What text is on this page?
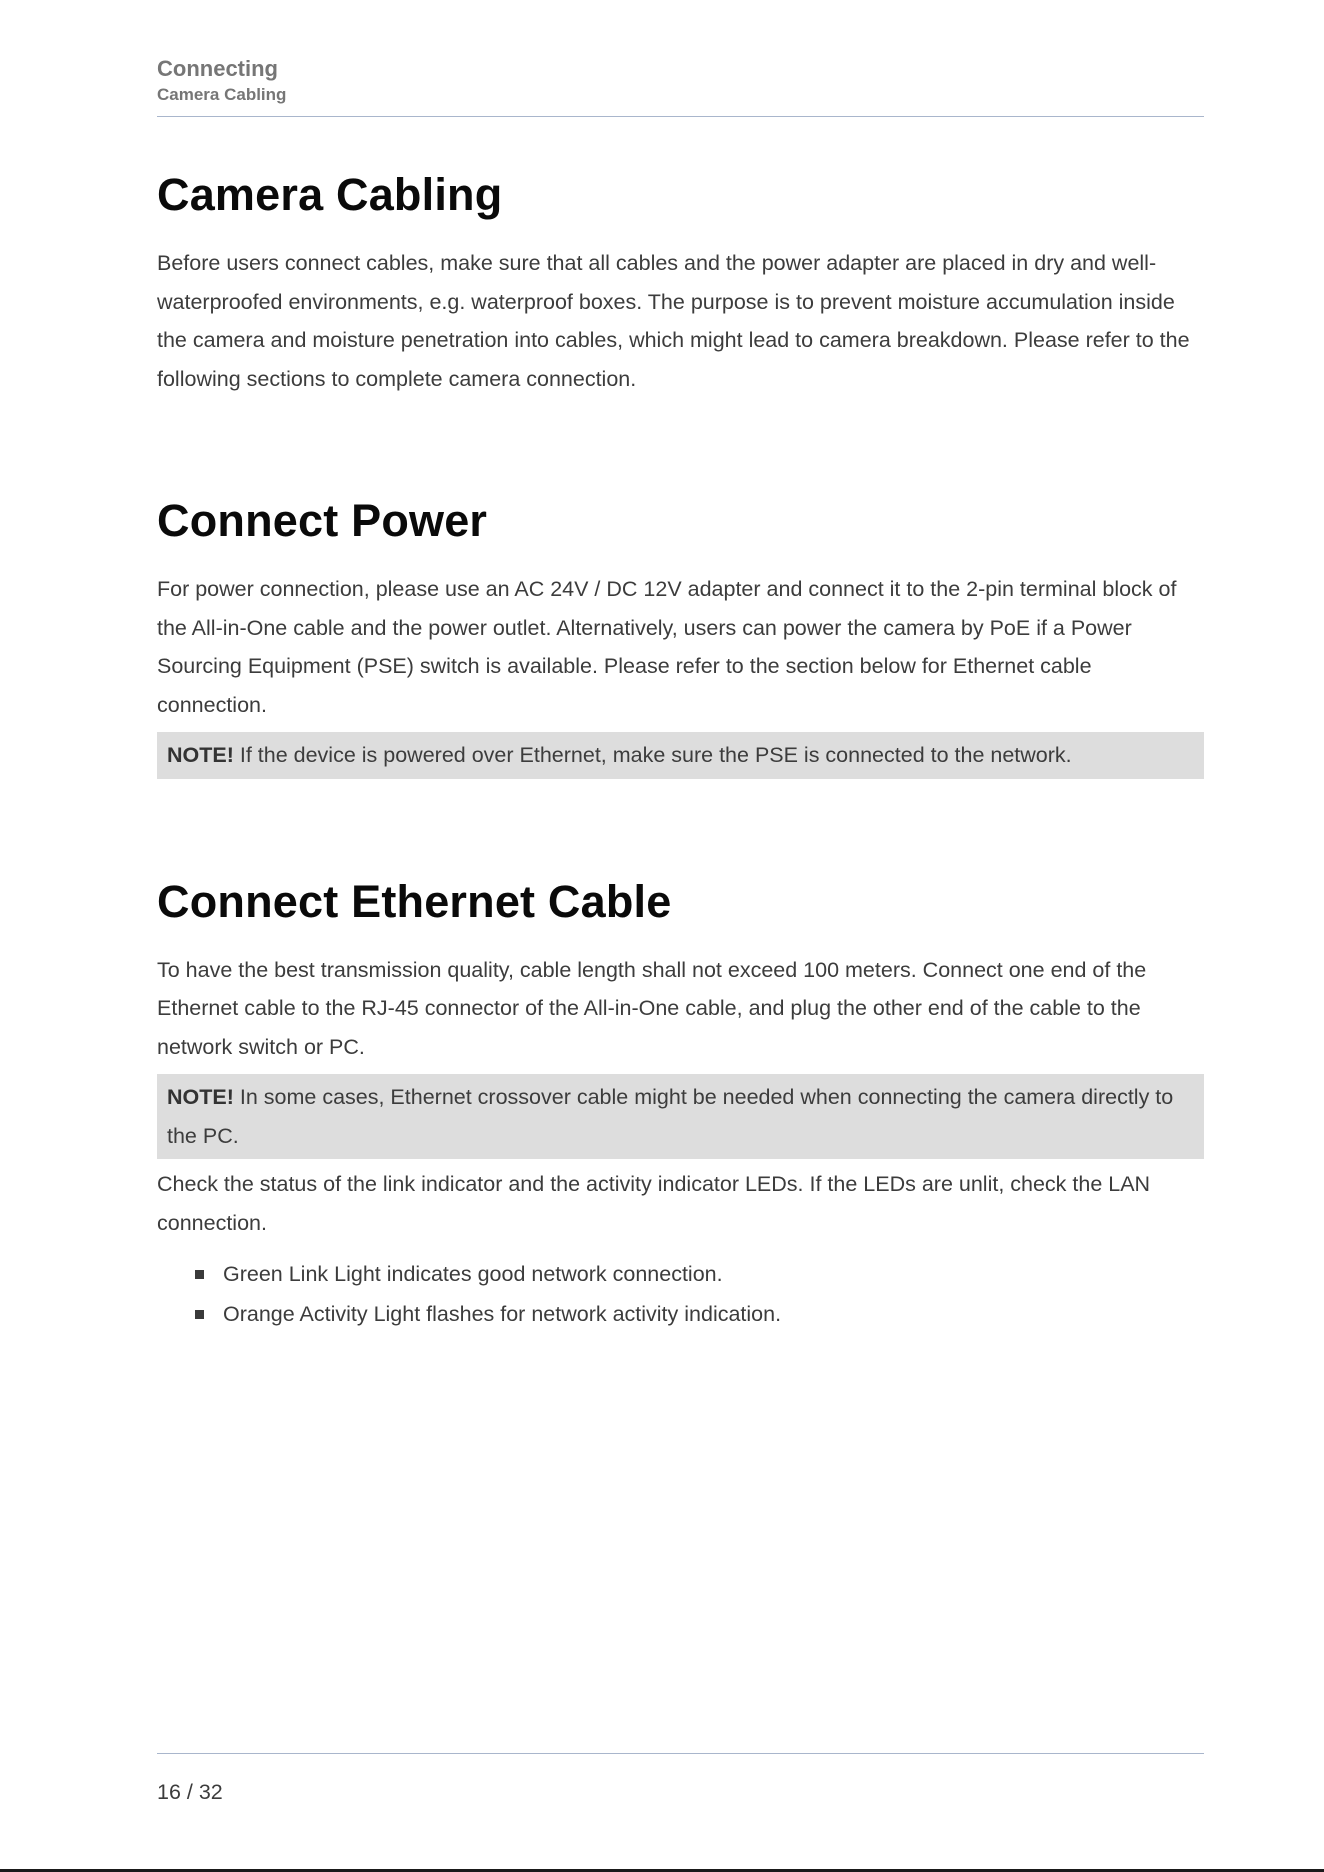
Connecting
Camera Cabling
Camera Cabling

Before users connect cables, make sure that all cables and the power adapter are placed in dry and well-waterproofed environments, e.g. waterproof boxes. The purpose is to prevent moisture accumulation inside the camera and moisture penetration into cables, which might lead to camera breakdown. Please refer to the following sections to complete camera connection.

Connect Power

For power connection, please use an AC 24V / DC 12V adapter and connect it to the 2-pin terminal block of the All-in-One cable and the power outlet. Alternatively, users can power the camera by PoE if a Power Sourcing Equipment (PSE) switch is available. Please refer to the section below for Ethernet cable connection.

NOTE! If the device is powered over Ethernet, make sure the PSE is connected to the network.
Connect Ethernet Cable

To have the best transmission quality, cable length shall not exceed 100 meters. Connect one end of the Ethernet cable to the RJ-45 connector of the All-in-One cable, and plug the other end of the cable to the network switch or PC.

NOTE! In some cases, Ethernet crossover cable might be needed when connecting the camera directly to the PC.

Check the status of the link indicator and the activity indicator LEDs. If the LEDs are unlit, check the LAN connection.

Green Link Light indicates good network connection.
Orange Activity Light flashes for network activity indication.
16 / 32
